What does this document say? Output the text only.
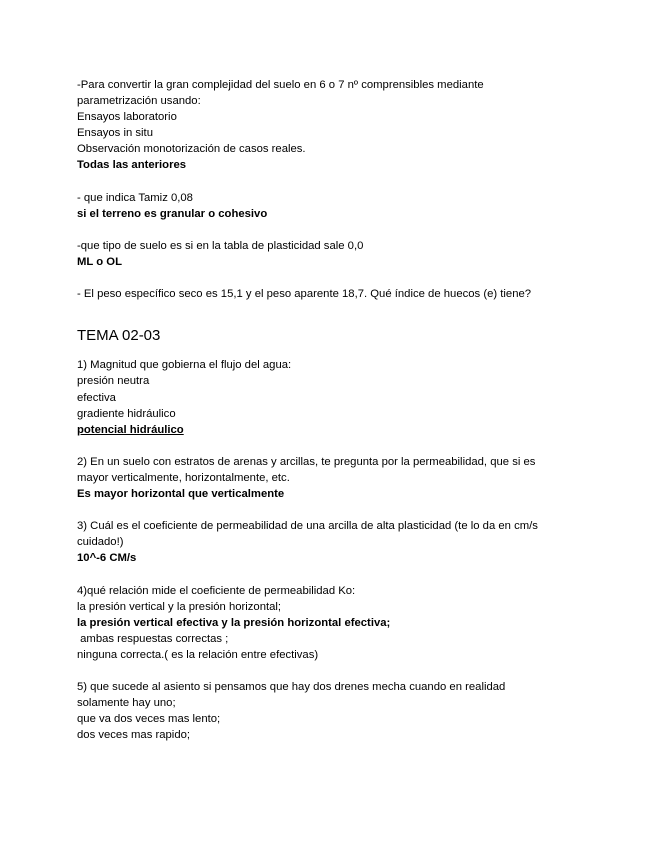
-Para convertir la gran complejidad del suelo en 6 o 7 nº comprensibles mediante
parametrización usando:
Ensayos laboratorio
Ensayos in situ
Observación monotorización de casos reales.
Todas las anteriores
- que indica Tamiz 0,08
si el terreno es granular o cohesivo
-que tipo de suelo es si en la tabla de plasticidad sale 0,0
ML o OL
- El peso específico seco es 15,1 y el peso aparente 18,7. Qué índice de huecos (e) tiene?
TEMA 02-03
1) Magnitud que gobierna el flujo del agua:
presión neutra
efectiva
gradiente hidráulico
potencial hidráulico
2) En un suelo con estratos de arenas y arcillas, te pregunta por la permeabilidad, que si es
mayor verticalmente, horizontalmente, etc.
Es mayor horizontal que verticalmente
3) Cuál es el coeficiente de permeabilidad de una arcilla de alta plasticidad (te lo da en cm/s
cuidado!)
10^-6 CM/s
4)qué relación mide el coeficiente de permeabilidad Ko:
la presión vertical y la presión horizontal;
la presión vertical efectiva y la presión horizontal efectiva;
ambas respuestas correctas ;
ninguna correcta.( es la relación entre efectivas)
5) que sucede al asiento si pensamos que hay dos drenes mecha cuando en realidad
solamente hay uno;
que va dos veces mas lento;
dos veces mas rapido;
